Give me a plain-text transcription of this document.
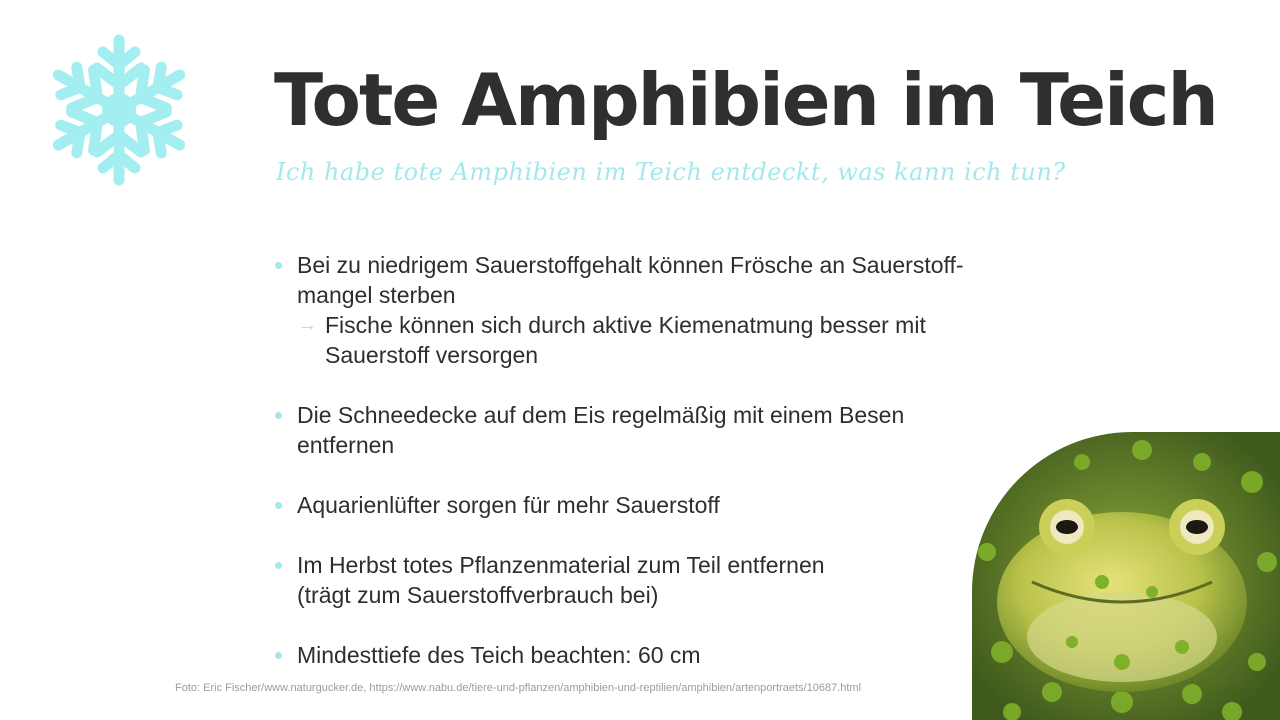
Tote Amphibien im Teich

Ich habe tote Amphibien im Teich entdeckt, was kann ich tun?

Bei zu niedrigem Sauerstoffgehalt können Frösche an Sauerstoff-
mangel sterben
→ Fische können sich durch aktive Kiemenatmung besser mit
Sauerstoff versorgen
Die Schneedecke auf dem Eis regelmäßig mit einem Besen
entfernen
Aquarienlüfter sorgen für mehr Sauerstoff
Im Herbst totes Pflanzenmaterial zum Teil entfernen
(trägt zum Sauerstoffverbrauch bei)
Mindesttiefe des Teich beachten: 60 cm

Foto: Eric Fischer/www.naturgucker.de, https://www.nabu.de/tiere-und-pflanzen/amphibien-und-reptilien/amphibien/artenportraets/10687.html
